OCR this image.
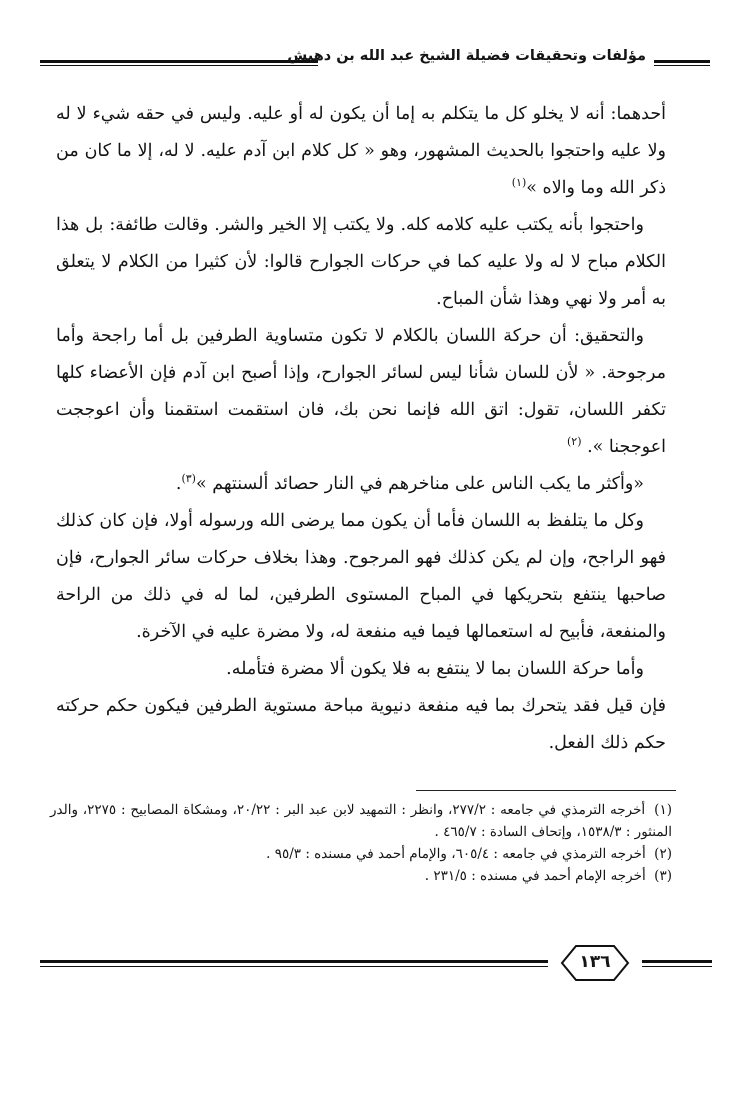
مؤلفات وتحقيقات فضيلة الشيخ عبد الله بن دهيش

أحدهما: أنه لا يخلو كل ما يتكلم به إما أن يكون له أو عليه. وليس في حقه شيء لا له ولا عليه واحتجوا بالحديث المشهور، وهو « كل كلام ابن آدم عليه. لا له، إلا ما كان من ذكر الله وما والاه »$^{(١)}$

واحتجوا بأنه يكتب عليه كلامه كله. ولا يكتب إلا الخير والشر. وقالت طائفة: بل هذا الكلام مباح لا له ولا عليه كما في حركات الجوارح قالوا: لأن كثيرا من الكلام لا يتعلق به أمر ولا نهي وهذا شأن المباح.

والتحقيق: أن حركة اللسان بالكلام لا تكون متساوية الطرفين بل أما راجحة وأما مرجوحة. « لأن للسان شأنا ليس لسائر الجوارح، وإذا أصبح ابن آدم فإن الأعضاء كلها تكفر اللسان، تقول: اتق الله فإنما نحن بك، فان استقمت استقمنا وأن اعوججت اعوججنا ». $^{(٢)}$

«وأكثر ما يكب الناس على مناخرهم في النار حصائد ألسنتهم »$^{(٣)}$.

وكل ما يتلفظ به اللسان فأما أن يكون مما يرضى الله ورسوله أولا، فإن كان كذلك فهو الراجح، وإن لم يكن كذلك فهو المرجوح. وهذا بخلاف حركات سائر الجوارح، فإن صاحبها ينتفع بتحريكها في المباح المستوى الطرفين، لما له في ذلك من الراحة والمنفعة، فأبيح له استعمالها فيما فيه منفعة له، ولا مضرة عليه في الآخرة.

وأما حركة اللسان بما لا ينتفع به فلا يكون ألا مضرة فتأمله.

فإن قيل فقد يتحرك بما فيه منفعة دنيوية مباحة مستوية الطرفين فيكون حكم حركته حكم ذلك الفعل.

(١) أخرجه الترمذي في جامعه : ٢٧٧/٢، وانظر : التمهيد لابن عبد البر : ٢٠/٢٢، ومشكاة المصابيح : ٢٢٧٥، والدر المنثور : ١٥٣٨/٣، وإتحاف السادة : ٤٦٥/٧ .

(٢) أخرجه الترمذي في جامعه : ٦٠٥/٤، والإمام أحمد في مسنده : ٩٥/٣ .

(٣) أخرجه الإمام أحمد في مسنده : ٢٣١/٥ .

١٣٦
